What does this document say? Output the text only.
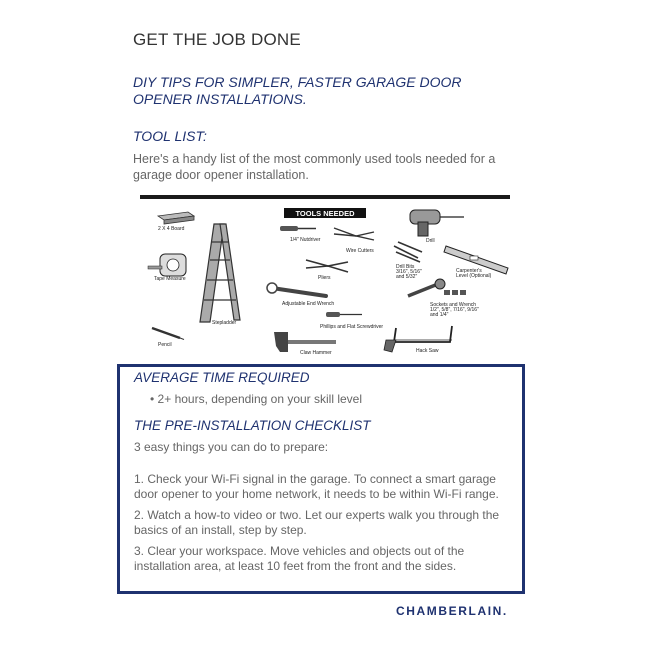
GET THE JOB DONE
DIY TIPS FOR SIMPLER, FASTER GARAGE DOOR OPENER INSTALLATIONS.
TOOL LIST:
Here's a handy list of the most commonly used tools needed for a garage door opener installation.
TOOLS NEEDED
2 X 4 Board
Tape Measure
Pencil
Stepladder
1/4" Nutdriver
Wire Cutters
Pliers
Adjustable End Wrench
Phillips and Flat Screwdriver
Claw Hammer
Drill
Drill Bits
3/16", 5/16"
and 5/32"
Carpenter's
Level (Optional)
Sockets and Wrench
1/2", 5/8", 7/16", 9/16"
and 1/4"
Hack Saw
AVERAGE TIME REQUIRED
• 2+ hours, depending on your skill level
THE PRE-INSTALLATION CHECKLIST
3 easy things you can do to prepare:
1. Check your Wi-Fi signal in the garage. To connect a smart garage door opener to your home network, it needs to be within Wi-Fi range.
2. Watch a how-to video or two. Let our experts walk you through the basics of an install, step by step.
3. Clear your workspace. Move vehicles and objects out of the installation area, at least 10 feet from the front and the sides.
CHAMBERLAIN.
